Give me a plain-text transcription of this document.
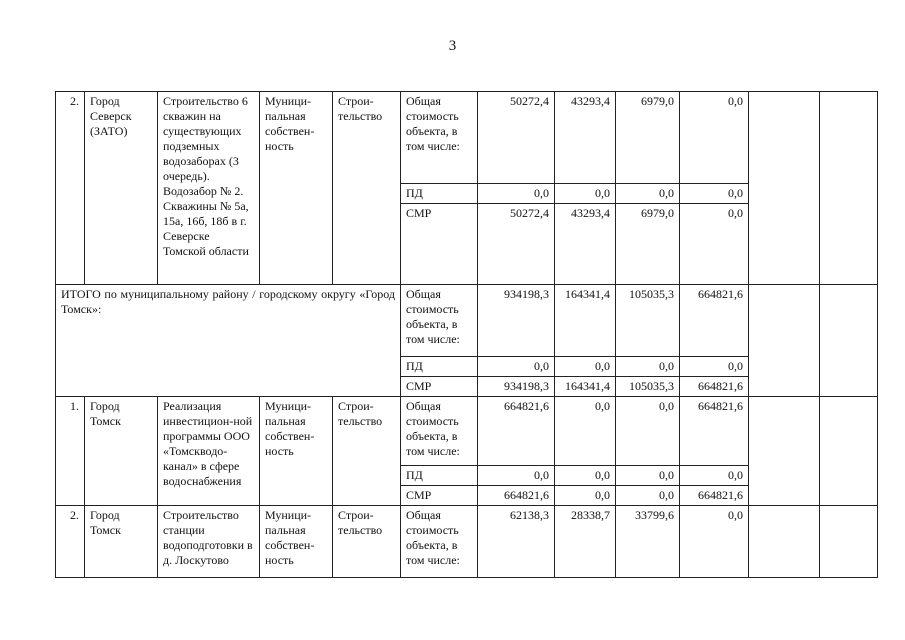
3
2.	Город Северск (ЗАТО)	Строительство 6 скважин на существующих подземных водозаборах (3 очередь). Водозабор № 2. Скважины № 5а, 15а, 16б, 18б в г. Северске Томской области	Муници-пальная собствен-ность	Строи-тельство	Общая стоимость объекта, в том числе:	50272,4	43293,4	6979,0	0,0		
					ПД	0,0	0,0	0,0	0,0		
					СМР	50272,4	43293,4	6979,0	0,0		
ИТОГО по муниципальному району / городскому округу «Город Томск»:					Общая стоимость объекта, в том числе:	934198,3	164341,4	105035,3	664821,6		
					ПД	0,0	0,0	0,0	0,0		
					СМР	934198,3	164341,4	105035,3	664821,6		
1.	Город Томск	Реализация инвестицион-ной программы ООО «Томскводо-канал» в сфере водоснабжения	Муници-пальная собствен-ность	Строи-тельство	Общая стоимость объекта, в том числе:	664821,6	0,0	0,0	664821,6		
					ПД	0,0	0,0	0,0	0,0		
					СМР	664821,6	0,0	0,0	664821,6		
2.	Город Томск	Строительство станции водоподготовки в д. Лоскутово	Муници-пальная собствен-ность	Строи-тельство	Общая стоимость объекта, в том числе:	62138,3	28338,7	33799,6	0,0		
